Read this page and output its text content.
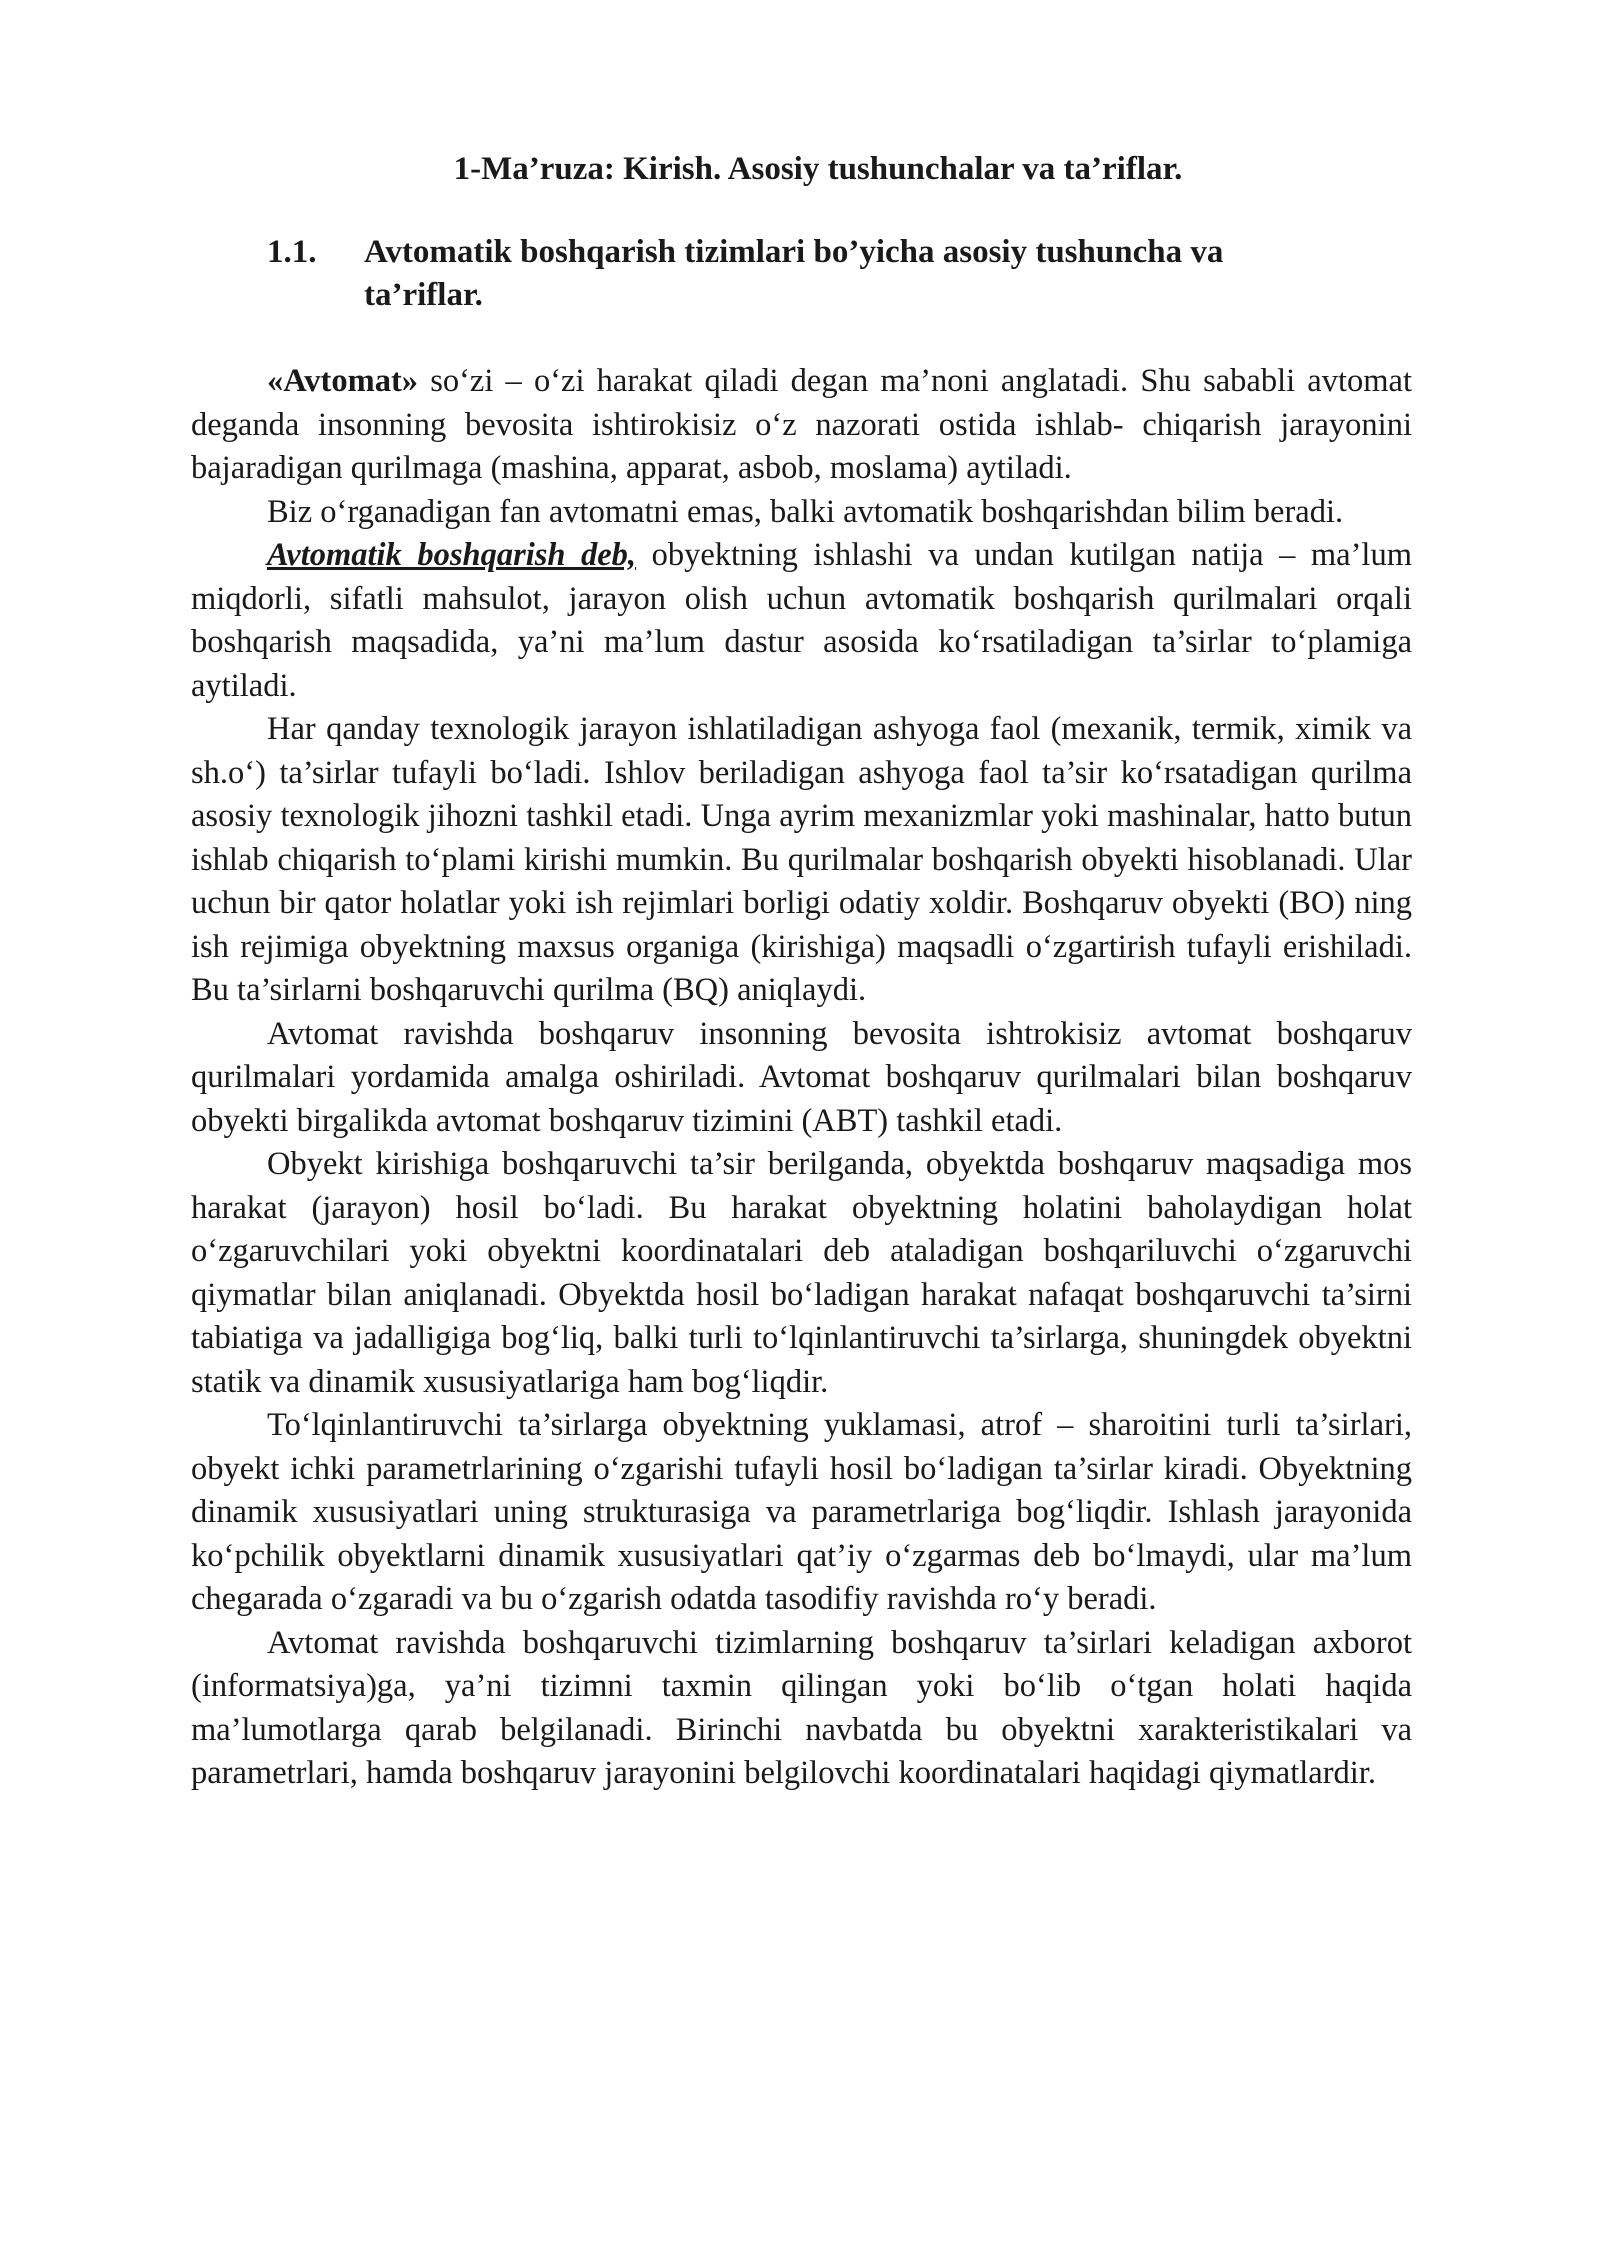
1-Ma’ruza: Kirish. Asosiy tushunchalar va ta’riflar.
1.1.	Avtomatik boshqarish tizimlari bo’yicha asosiy tushuncha va ta’riflar.

«Avtomat» so‘zi – o‘zi harakat qiladi degan ma’noni anglatadi. Shu sababli avtomat deganda insonning bevosita ishtirokisiz o‘z nazorati ostida ishlab- chiqarish jarayonini bajaradigan qurilmaga (mashina, apparat, asbob, moslama) aytiladi.

Biz o‘rganadigan fan avtomatni emas, balki avtomatik boshqarishdan bilim beradi.

Avtomatik boshqarish deb, obyektning ishlashi va undan kutilgan natija – ma’lum miqdorli, sifatli mahsulot, jarayon olish uchun avtomatik boshqarish qurilmalari orqali boshqarish maqsadida, ya’ni ma’lum dastur asosida ko‘rsatiladigan ta’sirlar to‘plamiga aytiladi.

Har qanday texnologik jarayon ishlatiladigan ashyoga faol (mexanik, termik, ximik va sh.o‘) ta’sirlar tufayli bo‘ladi. Ishlov beriladigan ashyoga faol ta’sir ko‘rsatadigan qurilma asosiy texnologik jihozni tashkil etadi. Unga ayrim mexanizmlar yoki mashinalar, hatto butun ishlab chiqarish to‘plami kirishi mumkin. Bu qurilmalar boshqarish obyekti hisoblanadi. Ular uchun bir qator holatlar yoki ish rejimlari borligi odatiy xoldir. Boshqaruv obyekti (BO) ning ish rejimiga obyektning maxsus organiga (kirishiga) maqsadli o‘zgartirish tufayli erishiladi. Bu ta’sirlarni boshqaruvchi qurilma (BQ) aniqlaydi.

Avtomat ravishda boshqaruv insonning bevosita ishtrokisiz avtomat boshqaruv qurilmalari yordamida amalga oshiriladi. Avtomat boshqaruv qurilmalari bilan boshqaruv obyekti birgalikda avtomat boshqaruv tizimini (ABT) tashkil etadi.

Obyekt kirishiga boshqaruvchi ta’sir berilganda, obyektda boshqaruv maqsadiga mos harakat (jarayon) hosil bo‘ladi. Bu harakat obyektning holatini baholaydigan holat o‘zgaruvchilari yoki obyektni koordinatalari deb ataladigan boshqariluvchi o‘zgaruvchi qiymatlar bilan aniqlanadi. Obyektda hosil bo‘ladigan harakat nafaqat boshqaruvchi ta’sirni tabiatiga va jadalligiga bog‘liq, balki turli to‘lqinlantiruvchi ta’sirlarga, shuningdek obyektni statik va dinamik xususiyatlariga ham bog‘liqdir.

To‘lqinlantiruvchi ta’sirlarga obyektning yuklamasi, atrof – sharoitini turli ta’sirlari, obyekt ichki parametrlarining o‘zgarishi tufayli hosil bo‘ladigan ta’sirlar kiradi. Obyektning dinamik xususiyatlari uning strukturasiga va parametrlariga bog‘liqdir. Ishlash jarayonida ko‘pchilik obyektlarni dinamik xususiyatlari qat’iy o‘zgarmas deb bo‘lmaydi, ular ma’lum chegarada o‘zgaradi va bu o‘zgarish odatda tasodifiy ravishda ro‘y beradi.

Avtomat ravishda boshqaruvchi tizimlarning boshqaruv ta’sirlari keladigan axborot (informatsiya)ga, ya’ni tizimni taxmin qilingan yoki bo‘lib o‘tgan holati haqida ma’lumotlarga qarab belgilanadi. Birinchi navbatda bu obyektni xarakteristikalari va parametrlari, hamda boshqaruv jarayonini belgilovchi koordinatalari haqidagi qiymatlardir.
